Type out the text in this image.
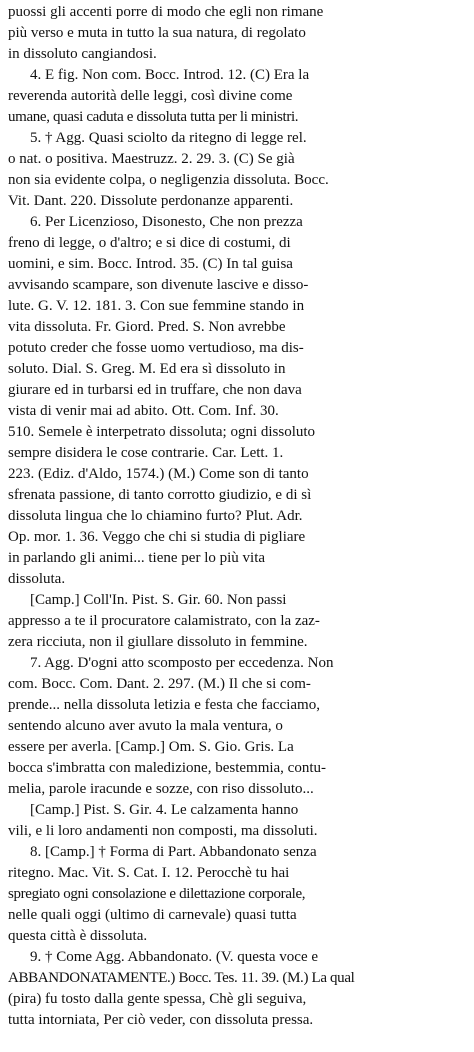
puossi gli accenti porre di modo che egli non rimane
più verso e muta in tutto la sua natura, di regolato
in dissoluto cangiandosi.
4. E fig. Non com. Bocc. Introd. 12. (C) Era la
reverenda autorità delle leggi, così divine come
umane, quasi caduta e dissoluta tutta per li ministri.
5. † Agg. Quasi sciolto da ritegno di legge rel.
o nat. o positiva. Maestruzz. 2. 29. 3. (C) Se già
non sia evidente colpa, o negligenzia dissoluta. Bocc.
Vit. Dant. 220. Dissolute perdonanze apparenti.
6. Per Licenzioso, Disonesto, Che non prezza
freno di legge, o d'altro; e si dice di costumi, di
uomini, e sim. Bocc. Introd. 35. (C) In tal guisa
avvisando scampare, son divenute lascive e disso-
lute. G. V. 12. 181. 3. Con sue femmine stando in
vita dissoluta. Fr. Giord. Pred. S. Non avrebbe
potuto creder che fosse uomo vertudioso, ma dis-
soluto. Dial. S. Greg. M. Ed era sì dissoluto in
giurare ed in turbarsi ed in truffare, che non dava
vista di venir mai ad abito. Ott. Com. Inf. 30.
510. Semele è interpetrato dissoluta; ogni dissoluto
sempre disidera le cose contrarie. Car. Lett. 1.
223. (Ediz. d'Aldo, 1574.) (M.) Come son di tanto
sfrenata passione, di tanto corrotto giudizio, e di sì
dissoluta lingua che lo chiamino furto? Plut. Adr.
Op. mor. 1. 36. Veggo che chi si studia di pigliare
in parlando gli animi... tiene per lo più vita
dissoluta.
[Camp.] Coll'In. Pist. S. Gir. 60. Non passi
appresso a te il procuratore calamistrato, con la zaz-
zera ricciuta, non il giullare dissoluto in femmine.
7. Agg. D'ogni atto scomposto per eccedenza. Non
com. Bocc. Com. Dant. 2. 297. (M.) Il che si com-
prende... nella dissoluta letizia e festa che facciamo,
sentendo alcuno aver avuto la mala ventura, o
essere per averla. [Camp.] Om. S. Gio. Gris. La
bocca s'imbratta con maledizione, bestemmia, contu-
melia, parole iracunde e sozze, con riso dissoluto...
[Camp.] Pist. S. Gir. 4. Le calzamenta hanno
vili, e li loro andamenti non composti, ma dissoluti.
8. [Camp.] † Forma di Part. Abbandonato senza
ritegno. Mac. Vit. S. Cat. I. 12. Perocchè tu hai
spregiato ogni consolazione e dilettazione corporale,
nelle quali oggi (ultimo di carnevale) quasi tutta
questa città è dissoluta.
9. † Come Agg. Abbandonato. (V. questa voce e
ABBANDONATAMENTE.) Bocc. Tes. 11. 39. (M.) La qual
(pira) fu tosto dalla gente spessa, Chè gli seguiva,
tutta intorniata, Per ciò veder, con dissoluta pressa.
